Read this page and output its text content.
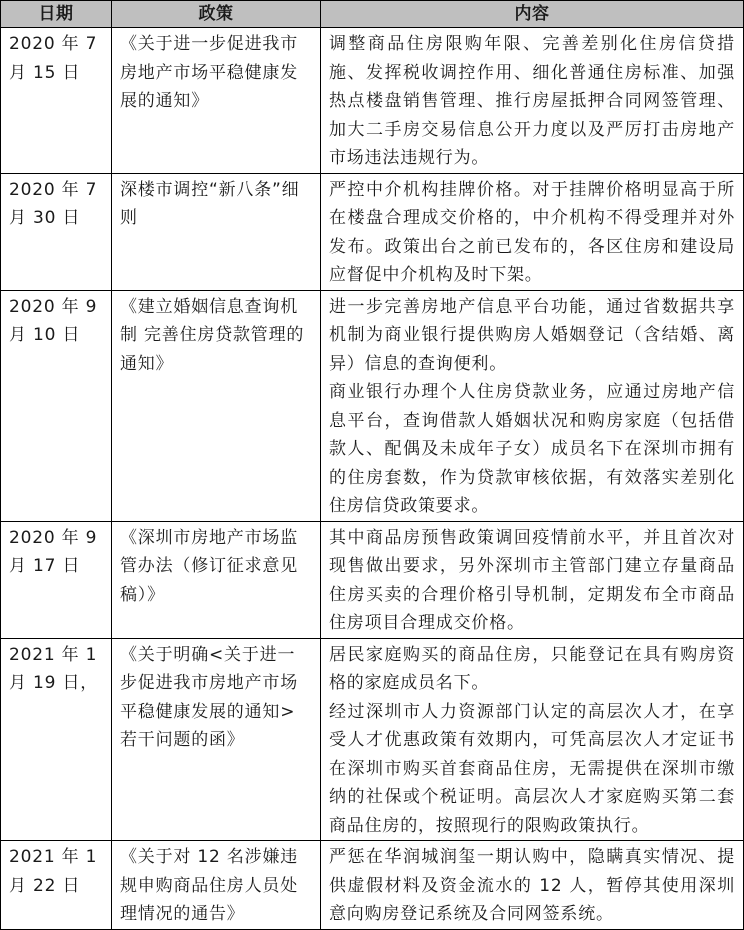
日期	政策	内容
2020 年 7 月 15 日	《关于进一步促进我市房地产市场平稳健康发展的通知》	调整商品住房限购年限、完善差别化住房信贷措施、发挥税收调控作用、细化普通住房标准、加强热点楼盘销售管理、推行房屋抵押合同网签管理、加大二手房交易信息公开力度以及严厉打击房地产市场违法违规行为。

2020 年 7 月 30 日	深楼市调控“新八条”细则	严控中介机构挂牌价格。对于挂牌价格明显高于所在楼盘合理成交价格的，中介机构不得受理并对外发布。政策出台之前已发布的，各区住房和建设局应督促中介机构及时下架。

2020 年 9 月 10 日	《建立婚姻信息查询机制 完善住房贷款管理的通知》	进一步完善房地产信息平台功能，通过省数据共享机制为商业银行提供购房人婚姻登记（含结婚、离异）信息的查询便利。
商业银行办理个人住房贷款业务，应通过房地产信息平台，查询借款人婚姻状况和购房家庭（包括借款人、配偶及未成年子女）成员名下在深圳市拥有的住房套数，作为贷款审核依据，有效落实差别化住房信贷政策要求。

2020 年 9 月 17 日	《深圳市房地产市场监管办法（修订征求意见稿）》	其中商品房预售政策调回疫情前水平，并且首次对现售做出要求，另外深圳市主管部门建立存量商品住房买卖的合理价格引导机制，定期发布全市商品住房项目合理成交价格。

2021 年 1 月 19 日，	《关于明确<关于进一步促进我市房地产市场平稳健康发展的通知>若干问题的函》	居民家庭购买的商品住房，只能登记在具有购房资格的家庭成员名下。
经过深圳市人力资源部门认定的高层次人才，在享受人才优惠政策有效期内，可凭高层次人才定证书在深圳市购买首套商品住房，无需提供在深圳市缴纳的社保或个税证明。高层次人才家庭购买第二套商品住房的，按照现行的限购政策执行。

2021 年 1 月 22 日	《关于对 12 名涉嫌违规申购商品住房人员处理情况的通告》	严惩在华润城润玺一期认购中，隐瞒真实情况、提供虚假材料及资金流水的 12 人，暂停其使用深圳意向购房登记系统及合同网签系统。
